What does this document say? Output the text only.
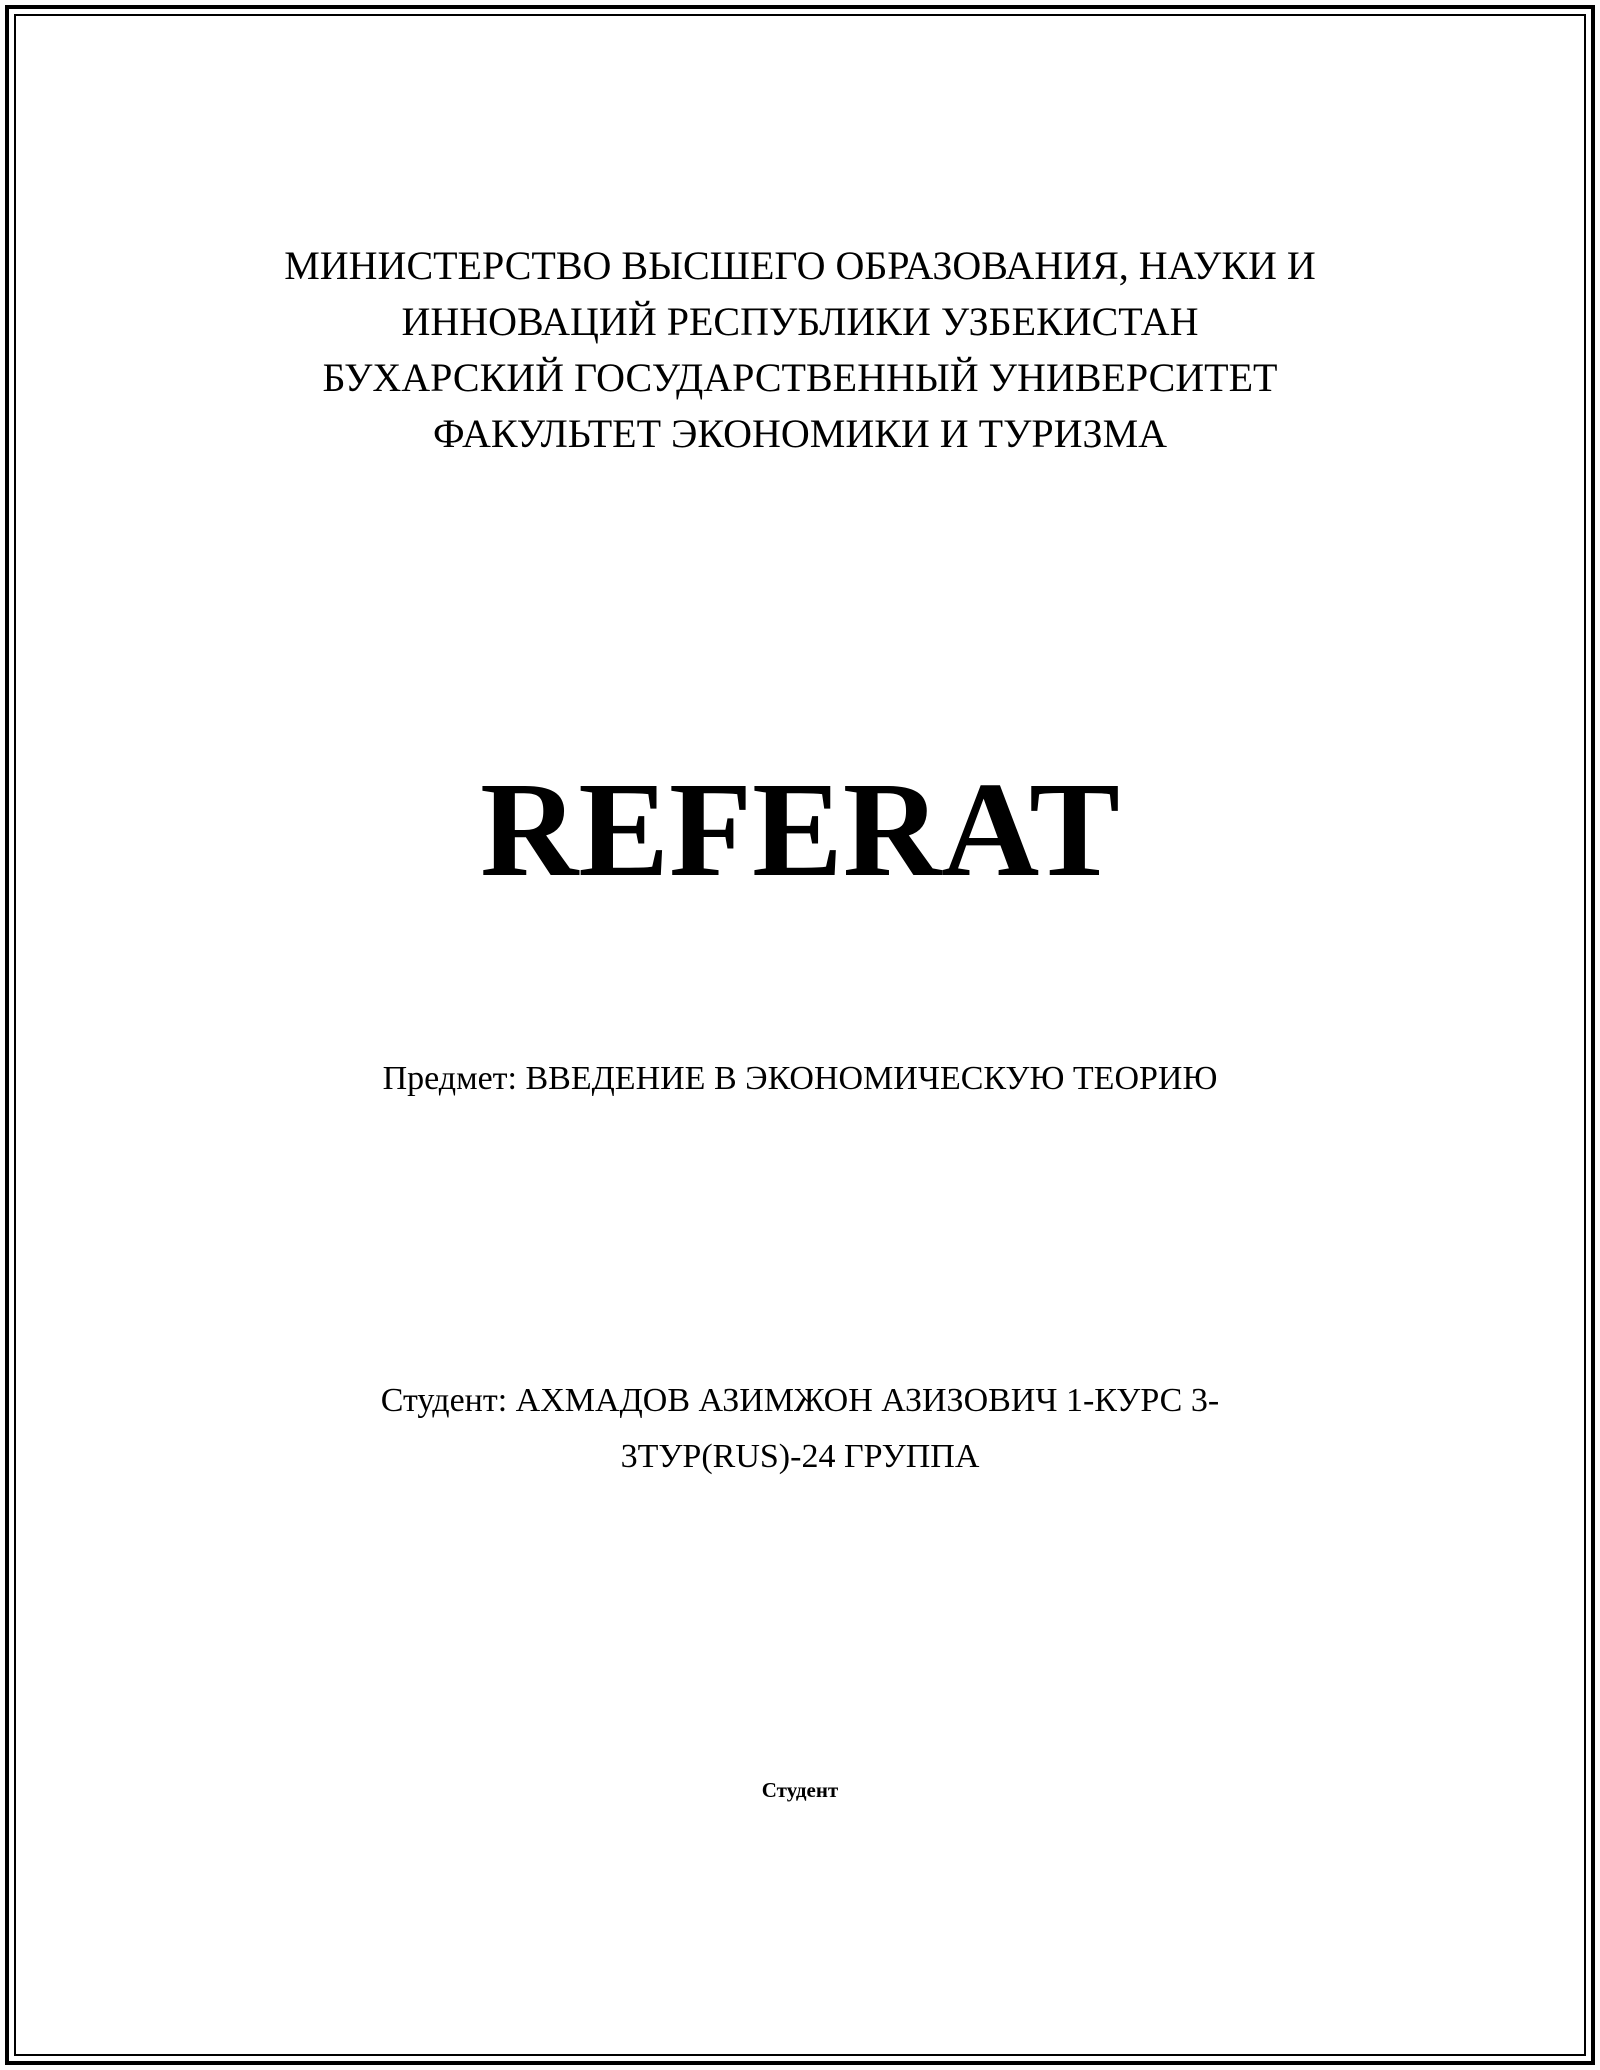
МИНИСТЕРСТВО ВЫСШЕГО ОБРАЗОВАНИЯ, НАУКИ И
ИННОВАЦИЙ РЕСПУБЛИКИ УЗБЕКИСТАН
БУХАРСКИЙ ГОСУДАРСТВЕННЫЙ УНИВЕРСИТЕТ
ФАКУЛЬТЕТ ЭКОНОМИКИ И ТУРИЗМА
REFERAT
Предмет: ВВЕДЕНИЕ В ЭКОНОМИЧЕСКУЮ ТЕОРИЮ
Студент: АХМАДОВ АЗИМЖОН АЗИЗОВИЧ 1-КУРС 3-
3ТУР(RUS)-24 ГРУППА
Студент
